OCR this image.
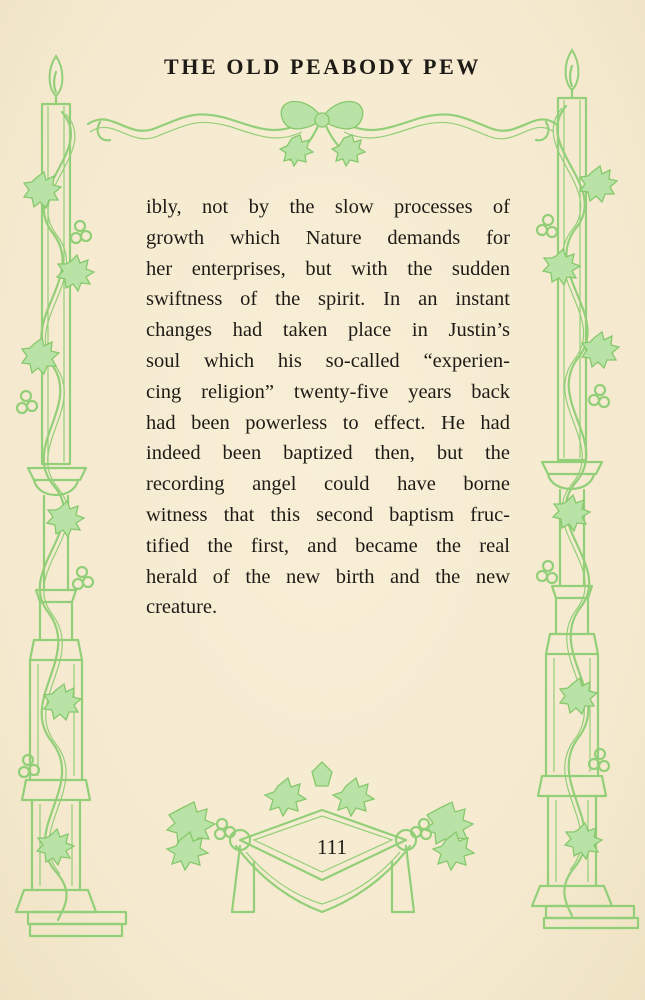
THE OLD PEABODY PEW
ibly, not by the slow processes of
growth which Nature demands for
her enterprises, but with the sudden
swiftness of the spirit. In an instant
changes had taken place in Justin’s
soul which his so-called “experien-
cing religion” twenty-five years back
had been powerless to effect. He had
indeed been baptized then, but the
recording angel could have borne
witness that this second baptism fruc-
tified the first, and became the real
herald of the new birth and the new
creature.
111
